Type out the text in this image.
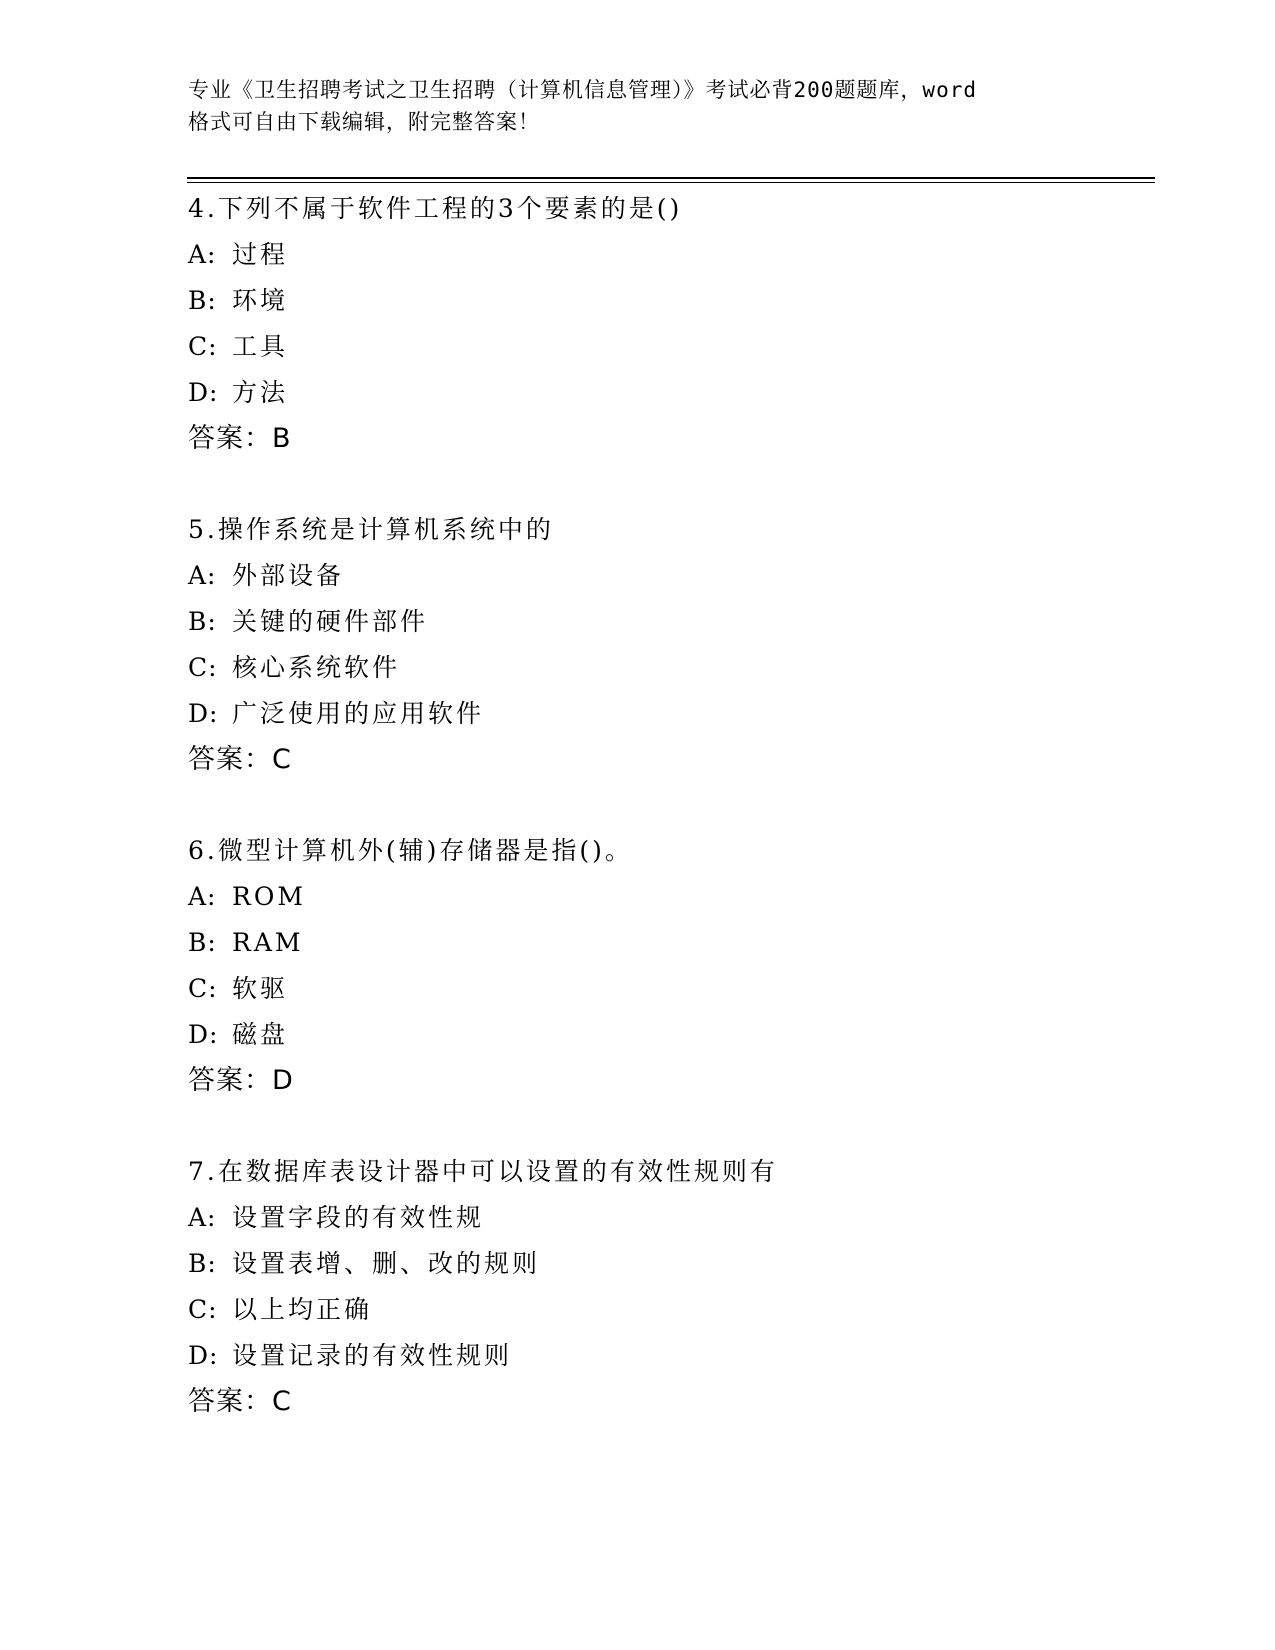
专业《卫生招聘考试之卫生招聘（计算机信息管理）》考试必背200题题库，word
格式可自由下载编辑，附完整答案！
4.下列不属于软件工程的3个要素的是()
A: 过程
B: 环境
C: 工具
D: 方法
答案：B
5.操作系统是计算机系统中的
A: 外部设备
B: 关键的硬件部件
C: 核心系统软件
D: 广泛使用的应用软件
答案：C
6.微型计算机外(辅)存储器是指()。
A: ROM
B: RAM
C: 软驱
D: 磁盘
答案：D
7.在数据库表设计器中可以设置的有效性规则有
A: 设置字段的有效性规
B: 设置表增、删、改的规则
C: 以上均正确
D: 设置记录的有效性规则
答案：C
